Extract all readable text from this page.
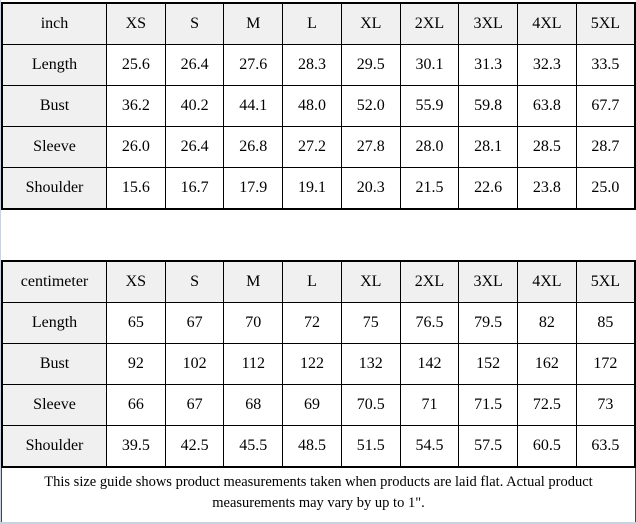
inch	XS	S	M	L	XL	2XL	3XL	4XL	5XL
Length	25.6	26.4	27.6	28.3	29.5	30.1	31.3	32.3	33.5
Bust	36.2	40.2	44.1	48.0	52.0	55.9	59.8	63.8	67.7
Sleeve	26.0	26.4	26.8	27.2	27.8	28.0	28.1	28.5	28.7
Shoulder	15.6	16.7	17.9	19.1	20.3	21.5	22.6	23.8	25.0
centimeter	XS	S	M	L	XL	2XL	3XL	4XL	5XL
Length	65	67	70	72	75	76.5	79.5	82	85
Bust	92	102	112	122	132	142	152	162	172
Sleeve	66	67	68	69	70.5	71	71.5	72.5	73
Shoulder	39.5	42.5	45.5	48.5	51.5	54.5	57.5	60.5	63.5
This size guide shows product measurements taken when products are laid flat. Actual product measurements may vary by up to 1".
